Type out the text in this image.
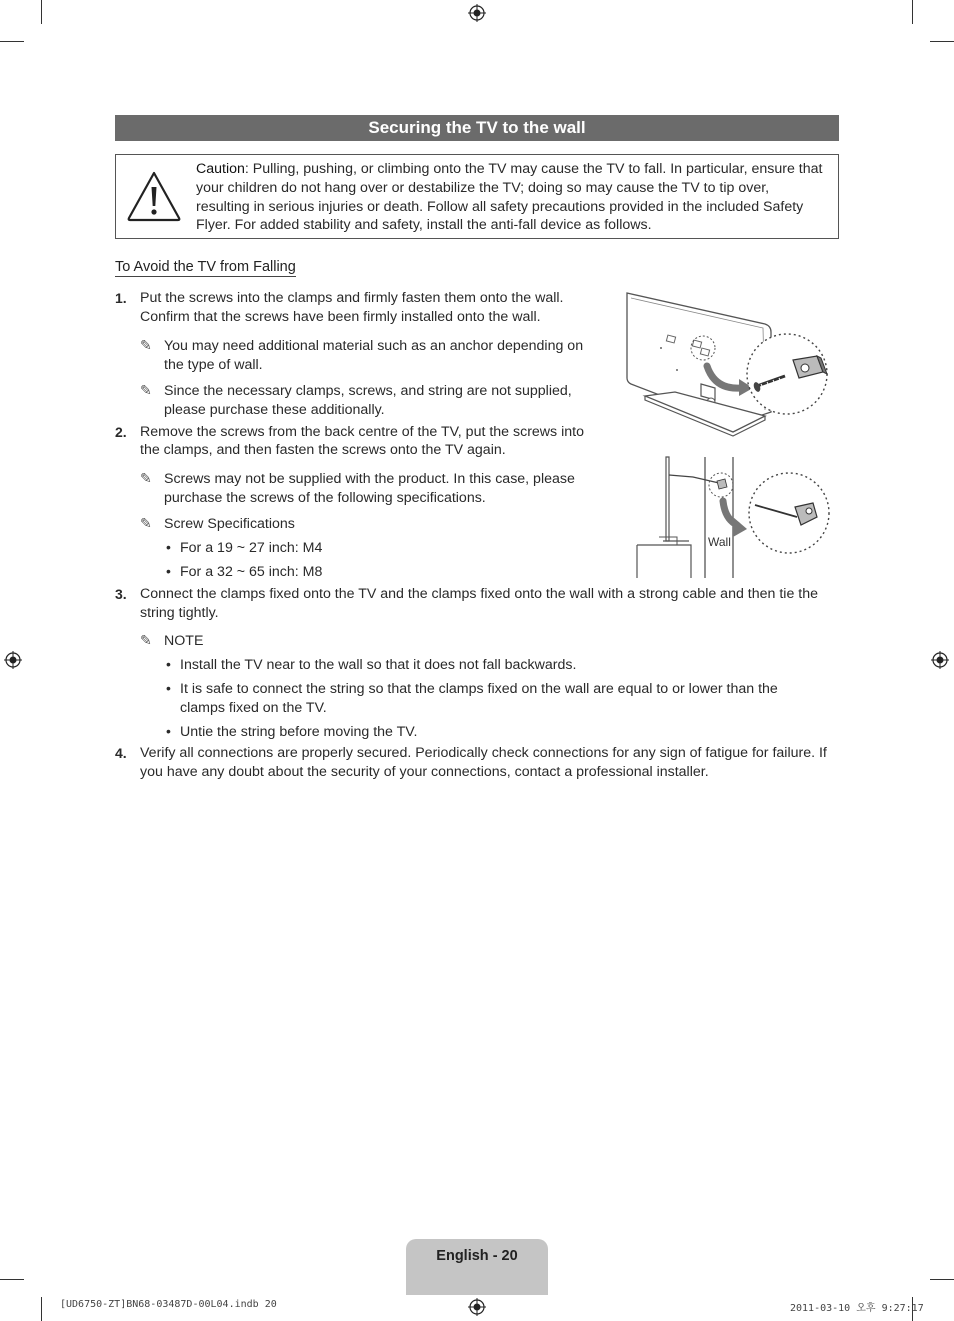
Securing the TV to the wall
Caution: Pulling, pushing, or climbing onto the TV may cause the TV to fall. In particular, ensure that your children do not hang over or destabilize the TV; doing so may cause the TV to tip over, resulting in serious injuries or death. Follow all safety precautions provided in the included Safety Flyer. For added stability and safety, install the anti-fall device as follows.
To Avoid the TV from Falling
1. Put the screws into the clamps and firmly fasten them onto the wall.
Confirm that the screws have been firmly installed onto the wall.
✎ You may need additional material such as an anchor depending on
the type of wall.
✎ Since the necessary clamps, screws, and string are not supplied,
please purchase these additionally.
2. Remove the screws from the back centre of the TV, put the screws into
the clamps, and then fasten the screws onto the TV again.
✎ Screws may not be supplied with the product. In this case, please
purchase the screws of the following specifications.
✎ Screw Specifications
• For a 19 ~ 27 inch: M4
• For a 32 ~ 65 inch: M8
3. Connect the clamps fixed onto the TV and the clamps fixed onto the wall with a strong cable and then tie the
string tightly.
✎ NOTE
• Install the TV near to the wall so that it does not fall backwards.
• It is safe to connect the string so that the clamps fixed on the wall are equal to or lower than the
clamps fixed on the TV.
• Untie the string before moving the TV.
4. Verify all connections are properly secured. Periodically check connections for any sign of fatigue for failure. If
you have any doubt about the security of your connections, contact a professional installer.
Wall
English - 20
[UD6750-ZT]BN68-03487D-00L04.indb 20	2011-03-10 오후 9:27:17
